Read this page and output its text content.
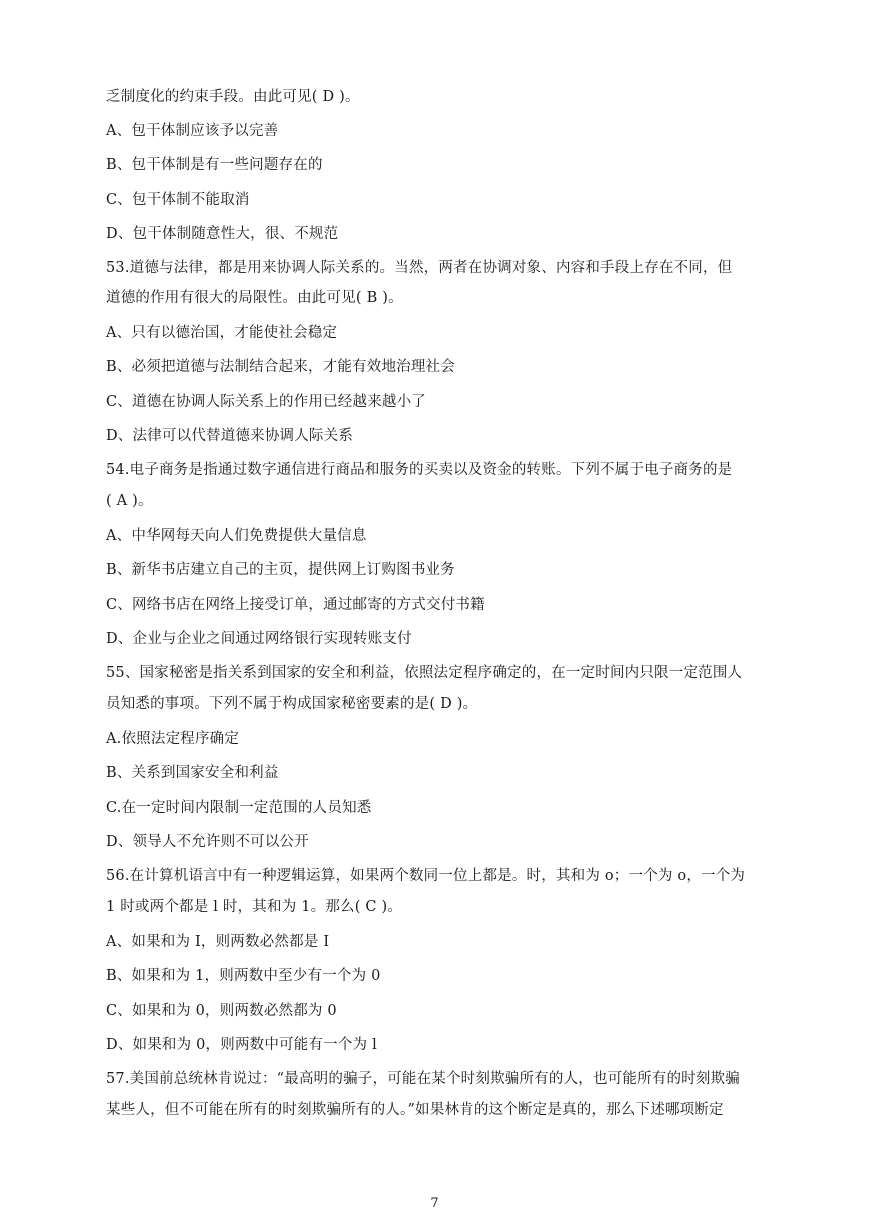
乏制度化的约束手段。由此可见( D )。
A、包干体制应该予以完善
B、包干体制是有一些问题存在的
C、包干体制不能取消
D、包干体制随意性大，很、不规范
53.道德与法律，都是用来协调人际关系的。当然，两者在协调对象、内容和手段上存在不同，但
道德的作用有很大的局限性。由此可见( B )。
A、只有以德治国，才能使社会稳定
B、必须把道德与法制结合起来，才能有效地治理社会
C、道德在协调人际关系上的作用已经越来越小了
D、法律可以代替道德来协调人际关系
54.电子商务是指通过数字通信进行商品和服务的买卖以及资金的转账。下列不属于电子商务的是
( A )。
A、中华网每天向人们免费提供大量信息
B、新华书店建立自己的主页，提供网上订购图书业务
C、网络书店在网络上接受订单，通过邮寄的方式交付书籍
D、企业与企业之间通过网络银行实现转账支付
55、国家秘密是指关系到国家的安全和利益，依照法定程序确定的，在一定时间内只限一定范围人
员知悉的事项。下列不属于构成国家秘密要素的是( D )。
A.依照法定程序确定
B、关系到国家安全和利益
C.在一定时间内限制一定范围的人员知悉
D、领导人不允许则不可以公开
56.在计算机语言中有一种逻辑运算，如果两个数同一位上都是。时，其和为 o；一个为 o，一个为
1 时或两个都是 l 时，其和为 1。那么( C )。
A、如果和为 I，则两数必然都是 I
B、如果和为 1，则两数中至少有一个为 0
C、如果和为 0，则两数必然都为 0
D、如果和为 0，则两数中可能有一个为 l
57.美国前总统林肯说过：“最高明的骗子，可能在某个时刻欺骗所有的人，也可能所有的时刻欺骗
某些人，但不可能在所有的时刻欺骗所有的人。”如果林肯的这个断定是真的，那么下述哪项断定
7
